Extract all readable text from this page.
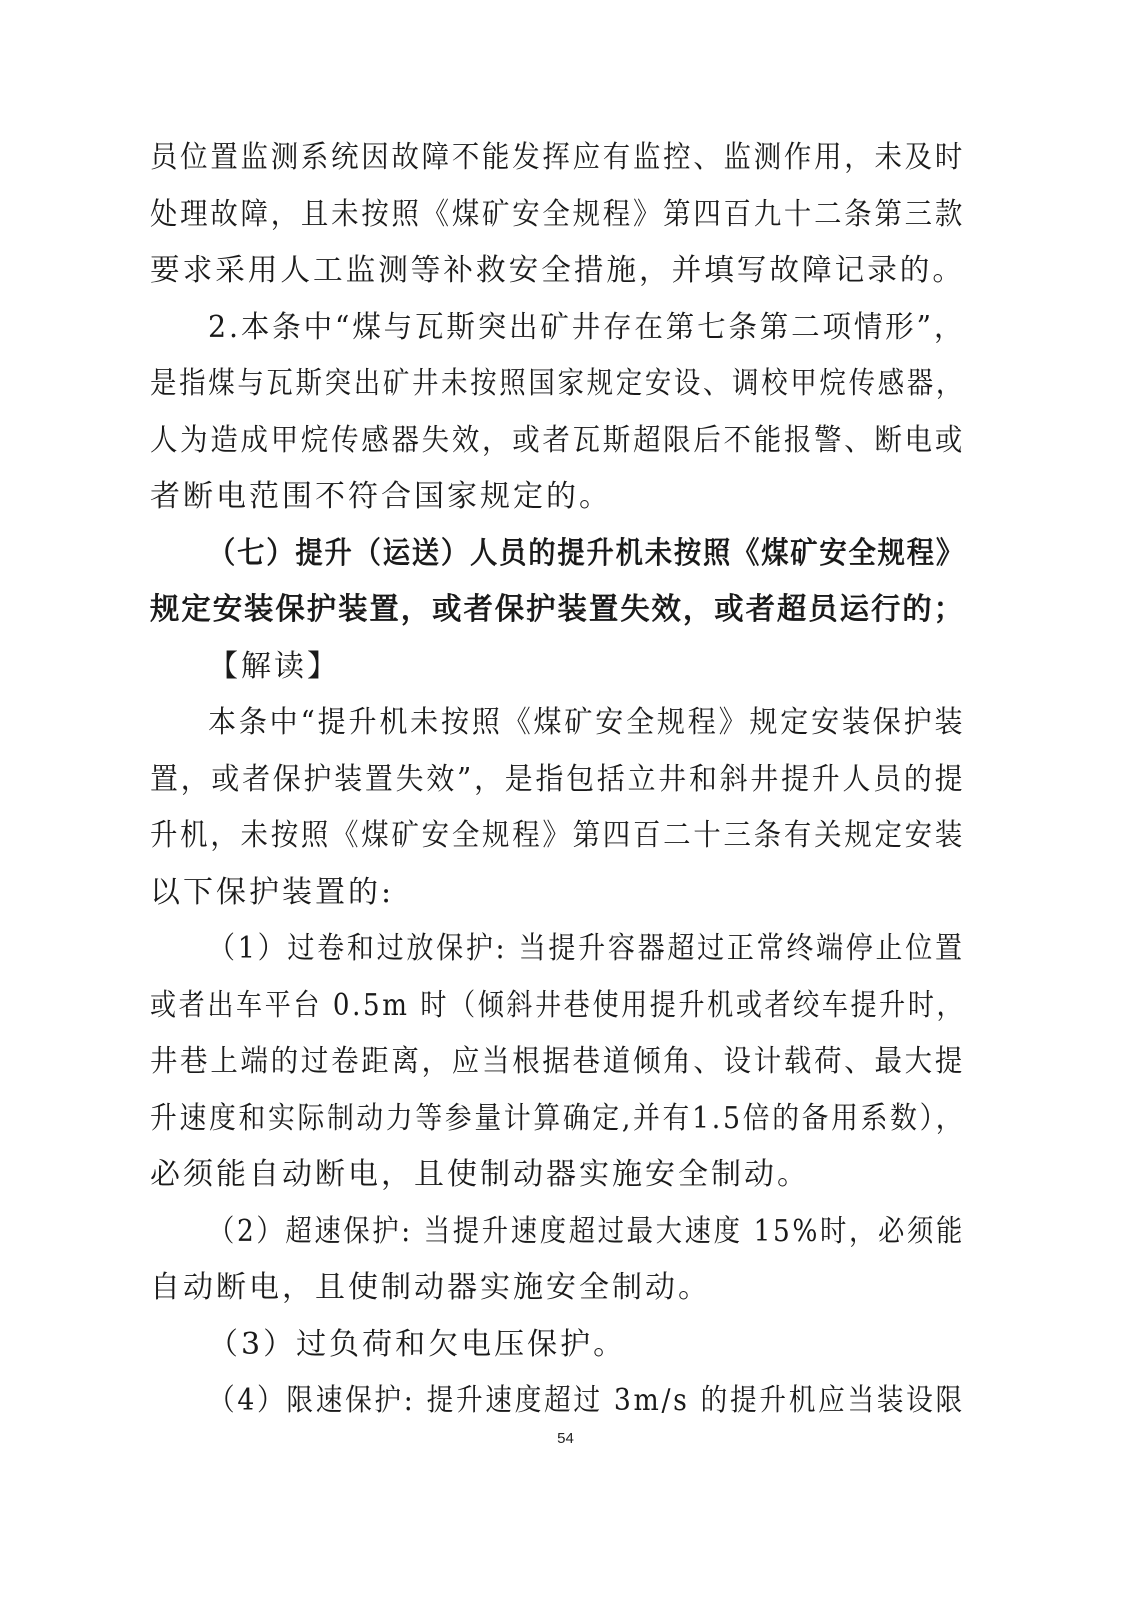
员位置监测系统因故障不能发挥应有监控、监测作用，未及时
处理故障，且未按照《煤矿安全规程》第四百九十二条第三款
要求采用人工监测等补救安全措施，并填写故障记录的。
2.本条中“煤与瓦斯突出矿井存在第七条第二项情形”，
是指煤与瓦斯突出矿井未按照国家规定安设、调校甲烷传感器，
人为造成甲烷传感器失效，或者瓦斯超限后不能报警、断电或
者断电范围不符合国家规定的。
（七）提升（运送）人员的提升机未按照《煤矿安全规程》
规定安装保护装置，或者保护装置失效，或者超员运行的；
【解读】
本条中“提升机未按照《煤矿安全规程》规定安装保护装
置，或者保护装置失效”，是指包括立井和斜井提升人员的提
升机，未按照《煤矿安全规程》第四百二十三条有关规定安装
以下保护装置的:
（1）过卷和过放保护: 当提升容器超过正常终端停止位置
或者出车平台 0.5m 时（倾斜井巷使用提升机或者绞车提升时，
井巷上端的过卷距离，应当根据巷道倾角、设计载荷、最大提
升速度和实际制动力等参量计算确定,并有1.5倍的备用系数），
必须能自动断电，且使制动器实施安全制动。
（2）超速保护: 当提升速度超过最大速度 15%时，必须能
自动断电，且使制动器实施安全制动。
（3）过负荷和欠电压保护。
（4）限速保护: 提升速度超过 3m/s 的提升机应当装设限
54
